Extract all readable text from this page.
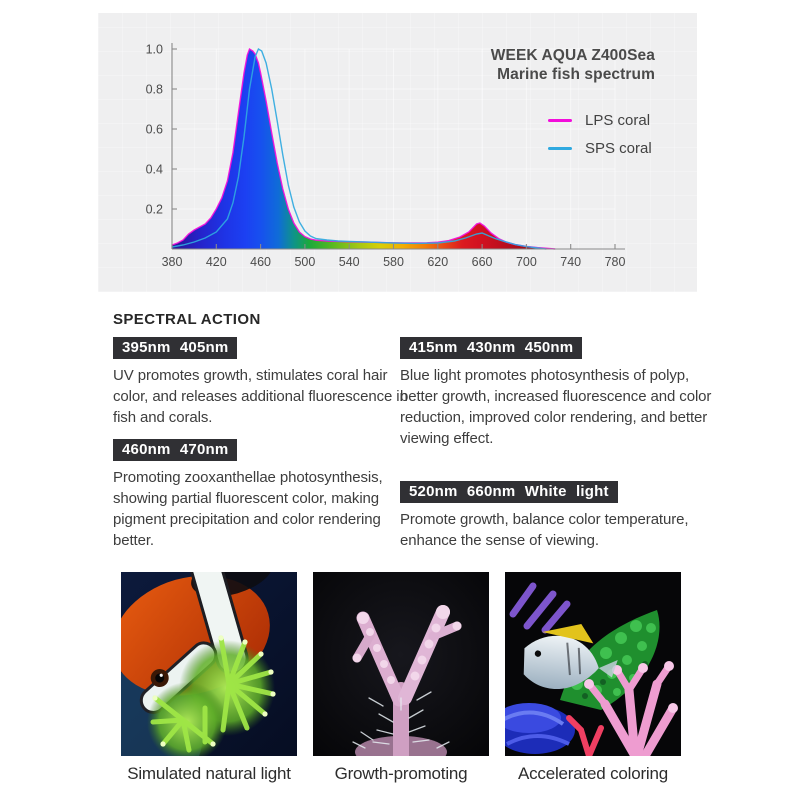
380 420 460 500 540 580 620 660 700 740 780
0.2
0.4
0.6
0.8
1.0	WEEK AQUA Z400Sea
Marine fish spectrum
LPS coral
SPS coral
SPECTRAL ACTION
395nm 405nm

UV promotes growth, stimulates coral hair color, and releases additional fluorescence in fish and corals.

415nm 430nm 450nm

Blue light promotes photosynthesis of polyp, better growth, increased fluorescence and color reduction, improved color rendering, and better viewing effect.

460nm 470nm

Promoting zooxanthellae photosynthesis, showing partial fluorescent color, making pigment precipitation and color rendering better.

520nm 660nm White light

Promote growth, balance color temperature, enhance the sense of viewing.

Simulated natural light	Growth-promoting	Accelerated coloring
